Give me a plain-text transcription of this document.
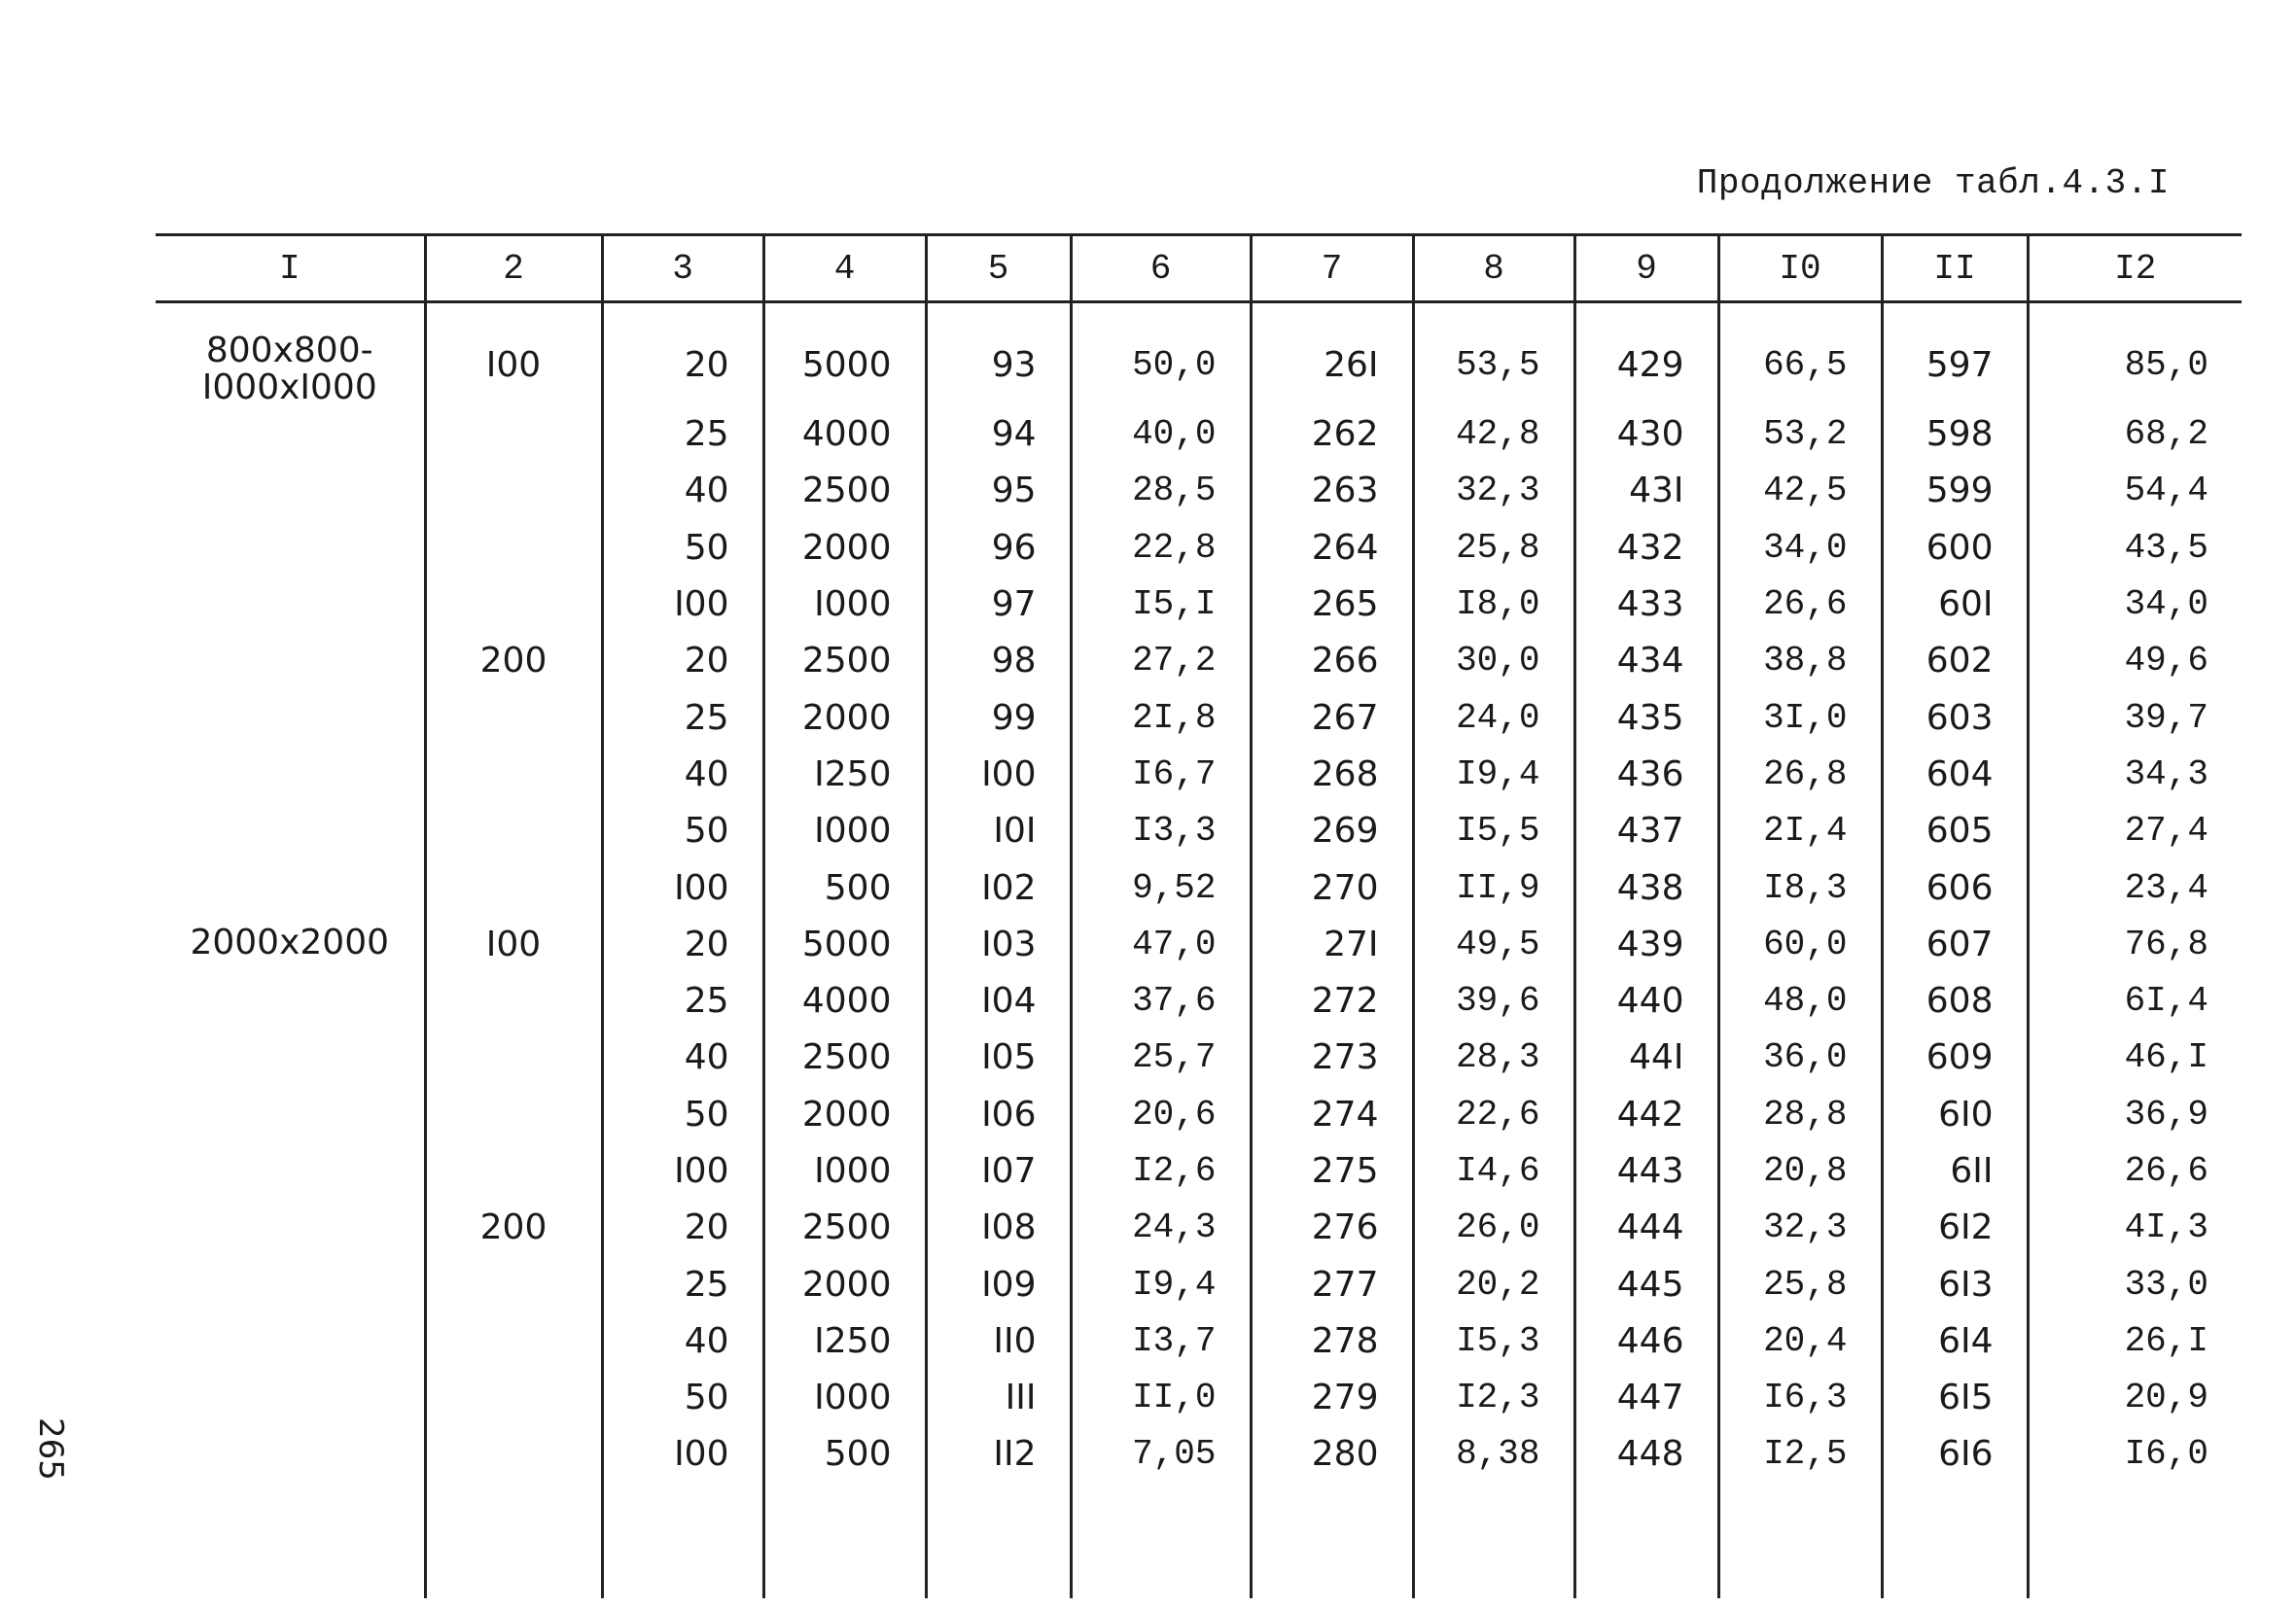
Продолжение табл.4.3.I
I	2	3	4	5	6	7	8	9	I0	II	I2

800x800-
I000xI000	I00	20	5000	93	50,0	26I	53,5	429	66,5	597	85,0
		25	4000	94	40,0	262	42,8	430	53,2	598	68,2
		40	2500	95	28,5	263	32,3	43I	42,5	599	54,4
		50	2000	96	22,8	264	25,8	432	34,0	600	43,5
		I00	I000	97	I5,I	265	I8,0	433	26,6	60I	34,0
	200	20	2500	98	27,2	266	30,0	434	38,8	602	49,6
		25	2000	99	2I,8	267	24,0	435	3I,0	603	39,7
		40	I250	I00	I6,7	268	I9,4	436	26,8	604	34,3
		50	I000	I0I	I3,3	269	I5,5	437	2I,4	605	27,4
		I00	500	I02	9,52	270	II,9	438	I8,3	606	23,4
2000x2000	I00	20	5000	I03	47,0	27I	49,5	439	60,0	607	76,8
		25	4000	I04	37,6	272	39,6	440	48,0	608	6I,4
		40	2500	I05	25,7	273	28,3	44I	36,0	609	46,I
		50	2000	I06	20,6	274	22,6	442	28,8	6I0	36,9
		I00	I000	I07	I2,6	275	I4,6	443	20,8	6II	26,6
	200	20	2500	I08	24,3	276	26,0	444	32,3	6I2	4I,3
		25	2000	I09	I9,4	277	20,2	445	25,8	6I3	33,0
		40	I250	II0	I3,7	278	I5,3	446	20,4	6I4	26,I
		50	I000	III	II,0	279	I2,3	447	I6,3	6I5	20,9
		I00	500	II2	7,05	280	8,38	448	I2,5	6I6	I6,0

265
